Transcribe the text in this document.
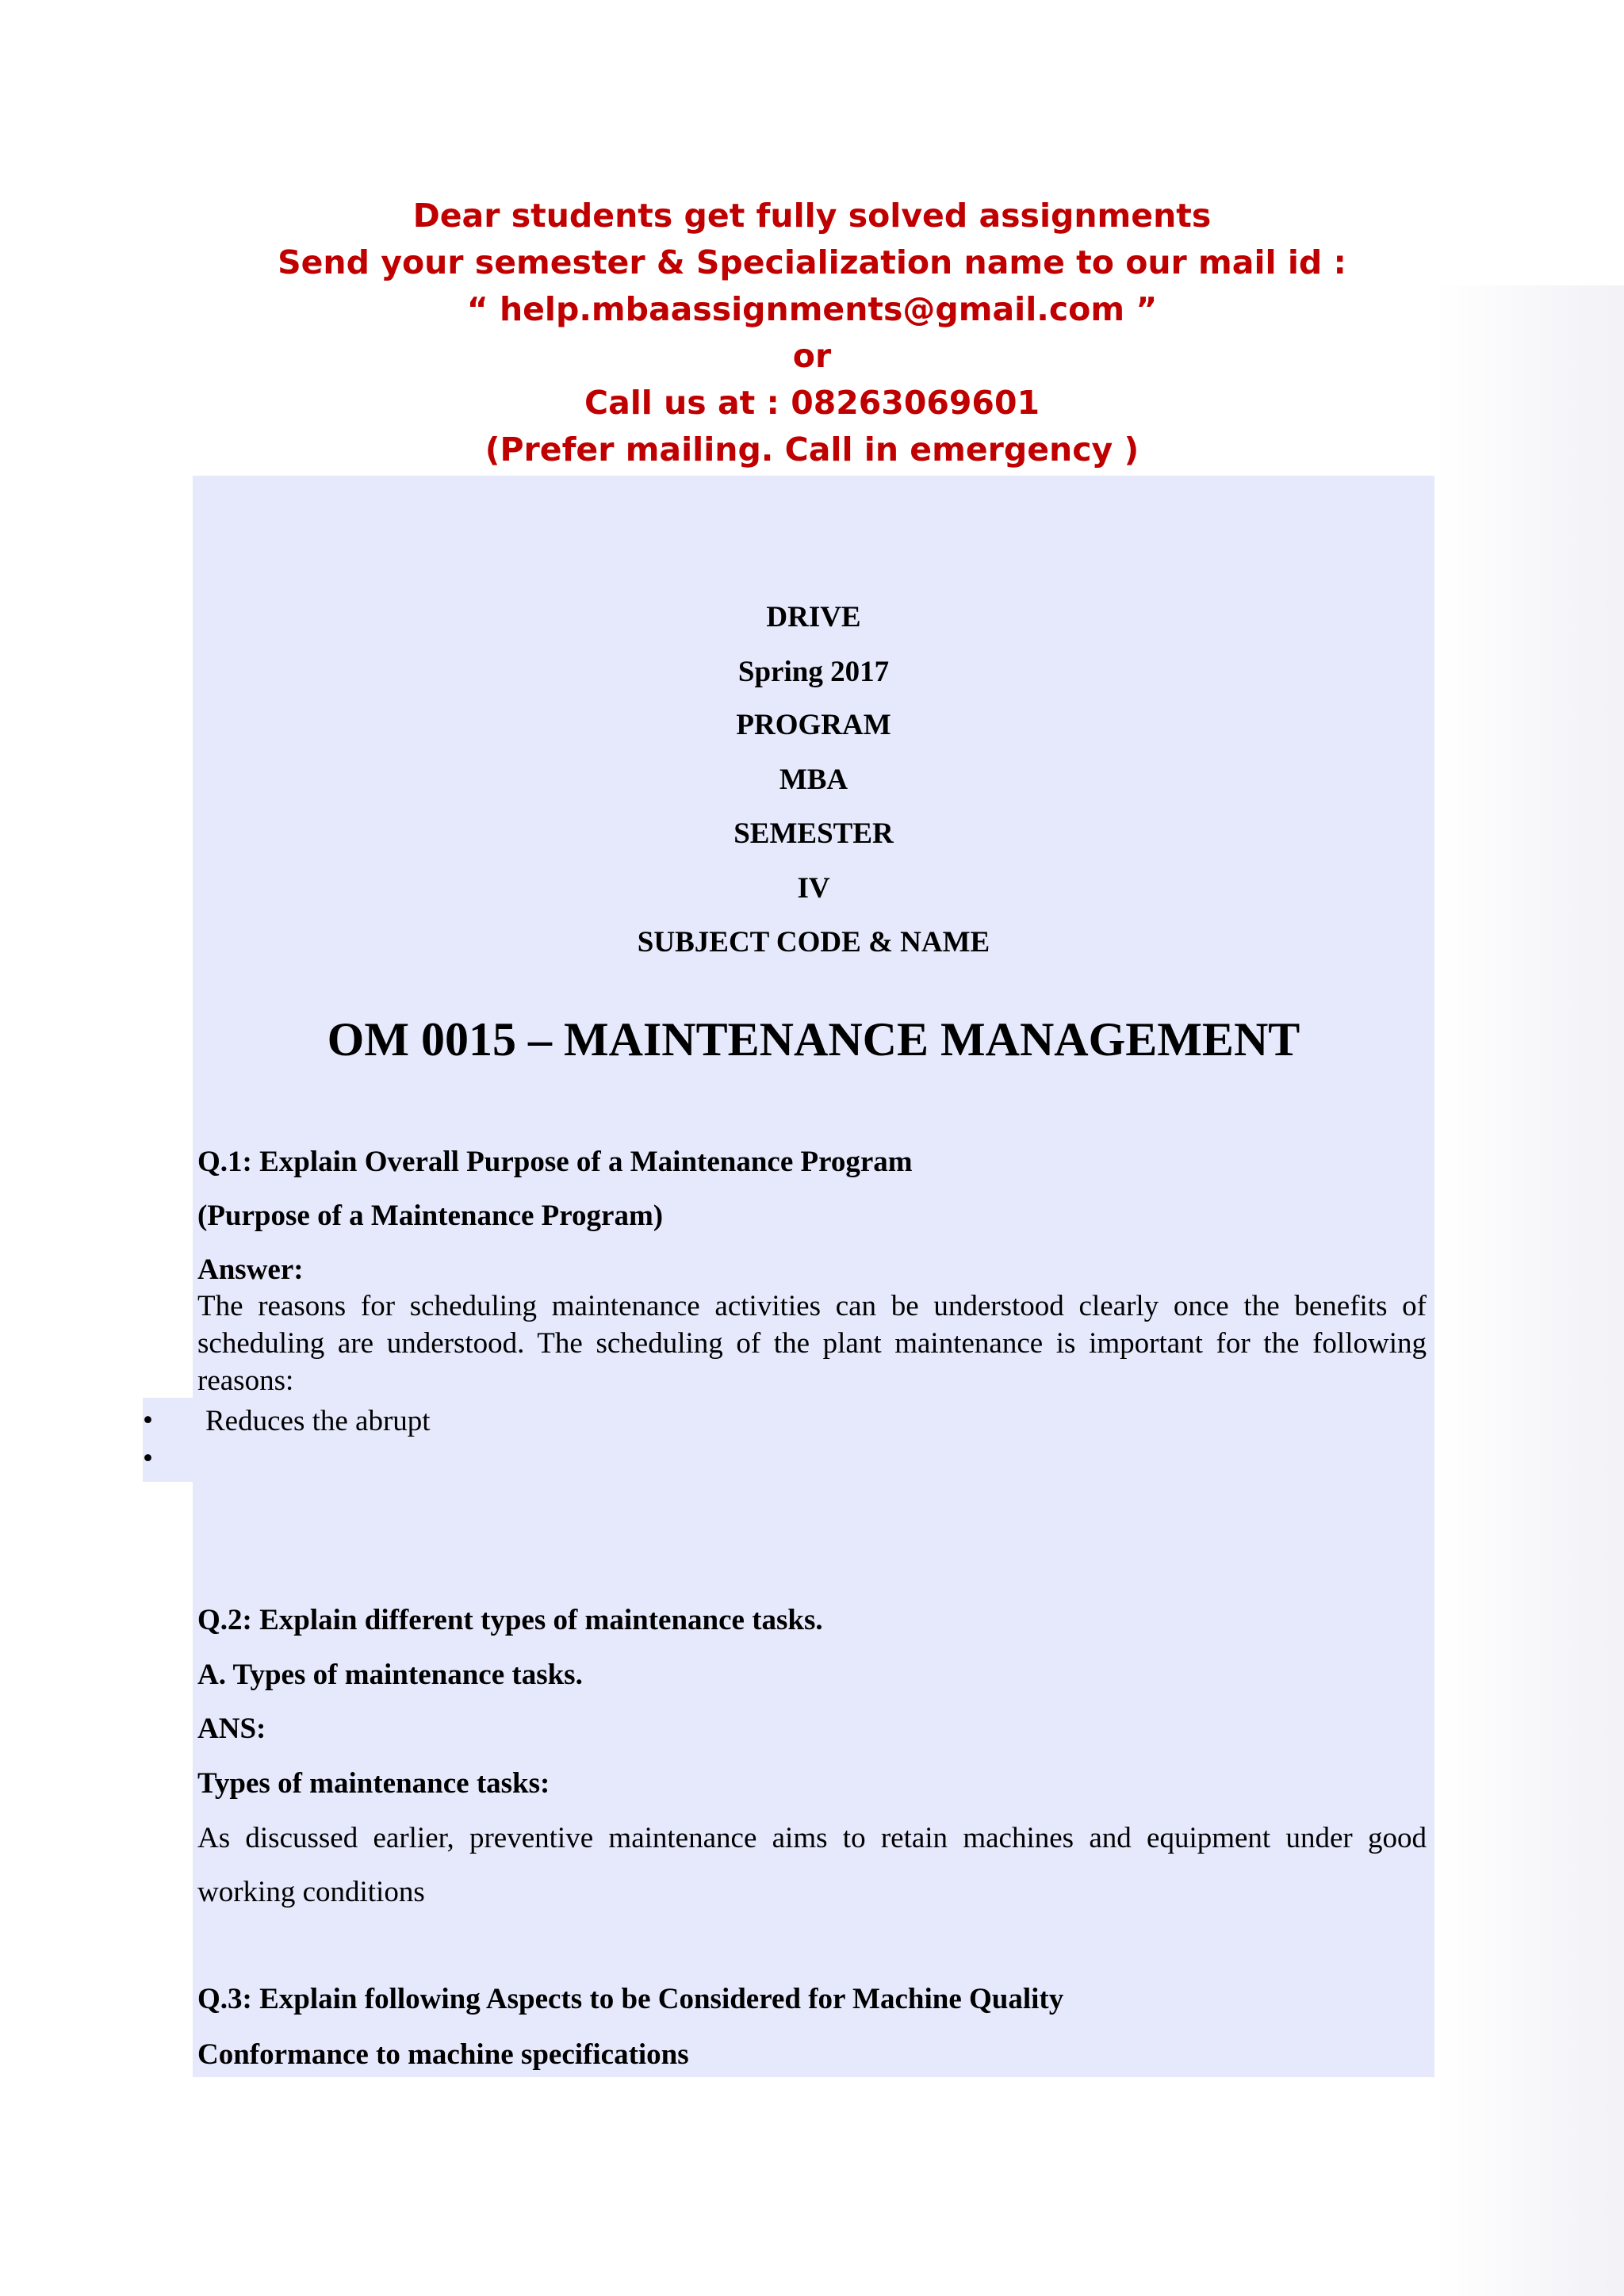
Dear students get fully solved assignments
Send your semester & Specialization name to our mail id :
“ help.mbaassignments@gmail.com ”
or
Call us at : 08263069601
(Prefer mailing. Call in emergency )
DRIVE
Spring 2017
PROGRAM
MBA
SEMESTER
IV
SUBJECT CODE & NAME
OM 0015 – MAINTENANCE MANAGEMENT
Q.1: Explain Overall Purpose of a Maintenance Program
(Purpose of a Maintenance Program)
Answer:
The reasons for scheduling maintenance activities can be understood clearly once the benefits of scheduling are understood. The scheduling of the plant maintenance is important for the following reasons:
• Reduces the abrupt
•
Q.2: Explain different types of maintenance tasks.
A. Types of maintenance tasks.
ANS:
Types of maintenance tasks:
As discussed earlier, preventive maintenance aims to retain machines and equipment under good working conditions
Q.3: Explain following Aspects to be Considered for Machine Quality
Conformance to machine specifications
